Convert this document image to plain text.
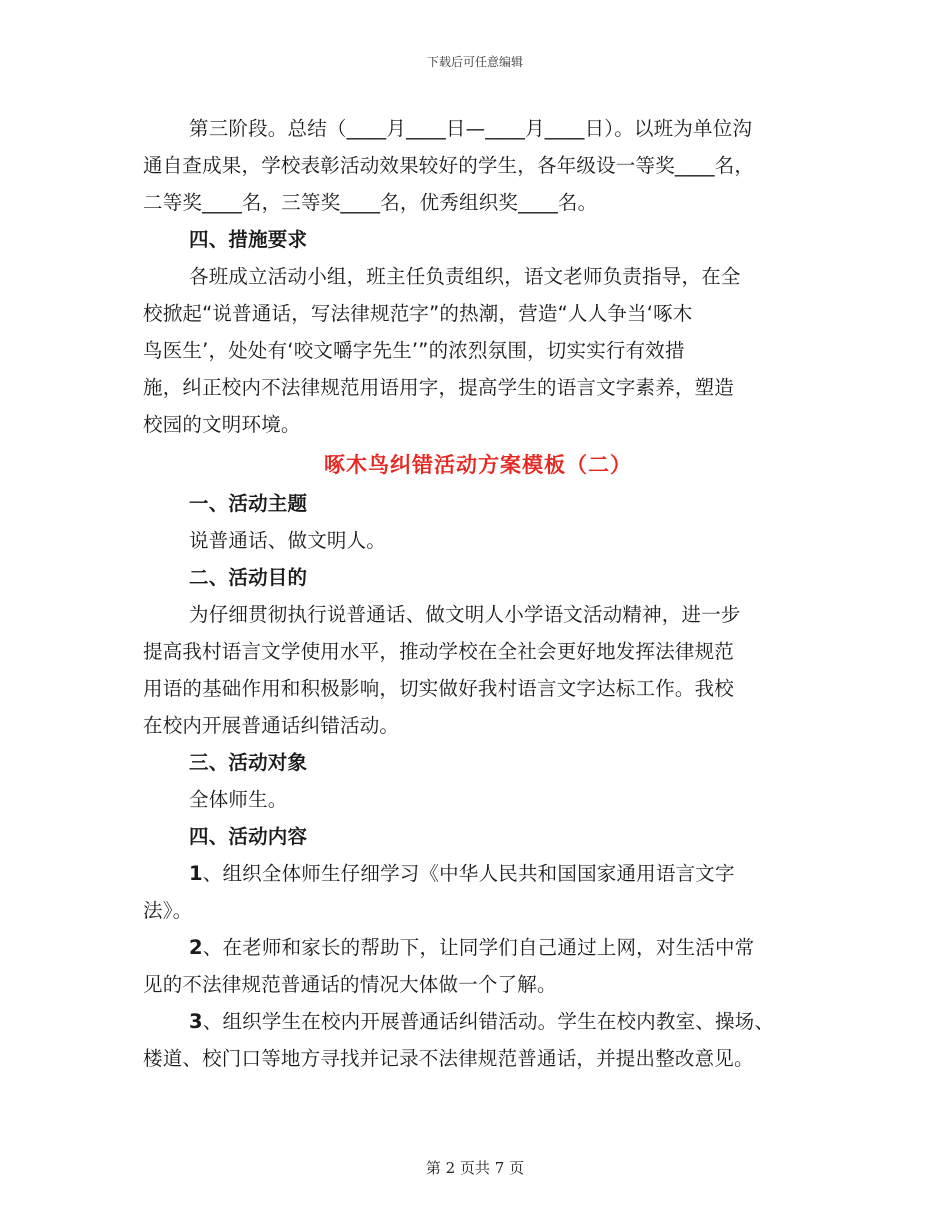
下载后可任意编辑
第三阶段。总结（____月____日—____月____日）。以班为单位沟
通自查成果，学校表彰活动效果较好的学生，各年级设一等奖____名，
二等奖____名，三等奖____名，优秀组织奖____名。
四、措施要求
各班成立活动小组，班主任负责组织，语文老师负责指导，在全
校掀起“说普通话，写法律规范字”的热潮，营造“人人争当‘啄木
鸟医生’，处处有‘咬文嚼字先生’”的浓烈氛围，切实实行有效措
施，纠正校内不法律规范用语用字，提高学生的语言文字素养，塑造
校园的文明环境。
啄木鸟纠错活动方案模板（二）
一、活动主题
说普通话、做文明人。
二、活动目的
为仔细贯彻执行说普通话、做文明人小学语文活动精神，进一步
提高我村语言文学使用水平，推动学校在全社会更好地发挥法律规范
用语的基础作用和积极影响，切实做好我村语言文字达标工作。我校
在校内开展普通话纠错活动。
三、活动对象
全体师生。
四、活动内容
1、组织全体师生仔细学习《中华人民共和国国家通用语言文字
法》。
2、在老师和家长的帮助下，让同学们自己通过上网，对生活中常
见的不法律规范普通话的情况大体做一个了解。
3、组织学生在校内开展普通话纠错活动。学生在校内教室、操场、
楼道、校门口等地方寻找并记录不法律规范普通话，并提出整改意见。
第 2 页共 7 页
